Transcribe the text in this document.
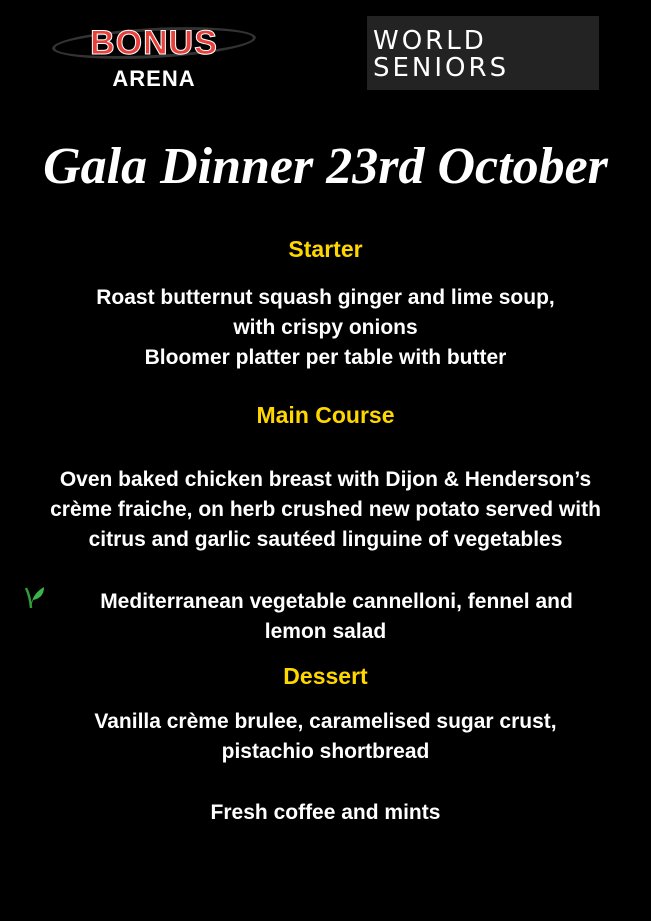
BONUS
ARENA
WORLD
SENIORS
Gala Dinner 23rd October
Starter
Roast butternut squash ginger and lime soup,
with crispy onions
Bloomer platter per table with butter
Main Course
Oven baked chicken breast with Dijon & Henderson’s
crème fraiche, on herb crushed new potato served with
citrus and garlic sautéed linguine of vegetables
Mediterranean vegetable cannelloni, fennel and
lemon salad
Dessert
Vanilla crème brulee, caramelised sugar crust,
pistachio shortbread
Fresh coffee and mints
